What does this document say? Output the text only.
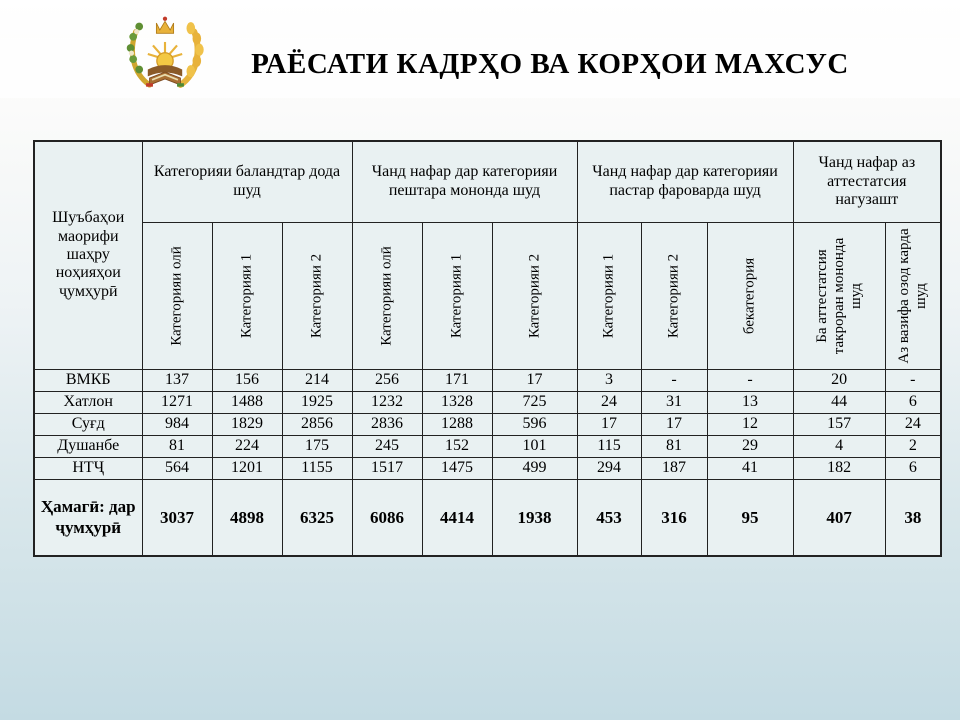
РАЁСАТИ КАДРҲО ВА КОРҲОИ МАХСУС
Шуъбаҳои маорифи шаҳру ноҳияҳои ҷумҳурӣ	Категорияи баландтар дода шуд			Чанд нафар дар категорияи пештара мононда шуд			Чанд нафар дар категорияи пастар фароварда шуд			Чанд нафар аз аттестатсия нагузашт	

	Категорияи олӣ	Категорияи 1	Категорияи 2	Категорияи олӣ	Категорияи 1	Категорияи 2	Категорияи 1	Категорияи 2	бекатегория	Ба аттестатсия такроран мононда шуд	Аз вазифа озод карда шуд

ВМКБ	137	156	214	256	171	17	3	-	-	20	-
Хатлон	1271	1488	1925	1232	1328	725	24	31	13	44	6
Суғд	984	1829	2856	2836	1288	596	17	17	12	157	24
Душанбе	81	224	175	245	152	101	115	81	29	4	2
НТҶ	564	1201	1155	1517	1475	499	294	187	41	182	6
Ҳамагӣ: дар ҷумҳурӣ	3037	4898	6325	6086	4414	1938	453	316	95	407	38
